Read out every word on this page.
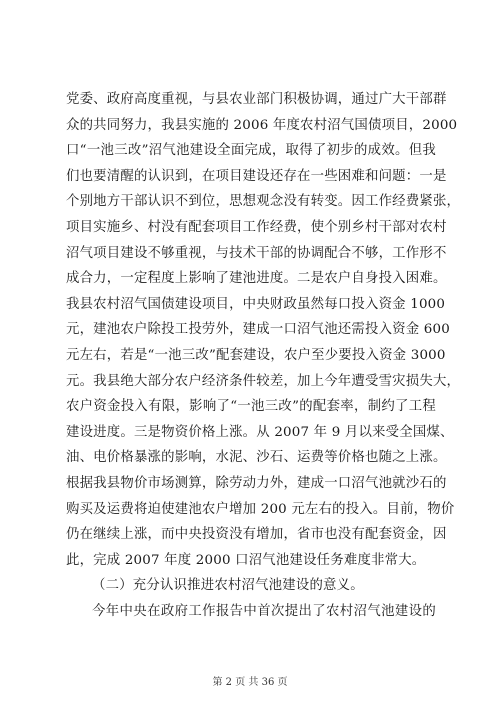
党委、政府高度重视，与县农业部门积极协调，通过广大干部群
众的共同努力，我县实施的 2006 年度农村沼气国债项目，2000
口“一池三改”沼气池建设全面完成，取得了初步的成效。但我
们也要清醒的认识到，在项目建设还存在一些困难和问题：一是
个别地方干部认识不到位，思想观念没有转变。因工作经费紧张，
项目实施乡、村没有配套项目工作经费，使个别乡村干部对农村
沼气项目建设不够重视，与技术干部的协调配合不够，工作形不
成合力，一定程度上影响了建池进度。二是农户自身投入困难。
我县农村沼气国债建设项目，中央财政虽然每口投入资金 1000
元，建池农户除投工投劳外，建成一口沼气池还需投入资金 600
元左右，若是“一池三改”配套建设，农户至少要投入资金 3000
元。我县绝大部分农户经济条件较差，加上今年遭受雪灾损失大，
农户资金投入有限，影响了“一池三改”的配套率，制约了工程
建设进度。三是物资价格上涨。从 2007 年 9 月以来受全国煤、
油、电价格暴涨的影响，水泥、沙石、运费等价格也随之上涨。
根据我县物价市场测算，除劳动力外，建成一口沼气池就沙石的
购买及运费将迫使建池农户增加 200 元左右的投入。目前，物价
仍在继续上涨，而中央投资没有增加，省市也没有配套资金，因
此，完成 2007 年度 2000 口沼气池建设任务难度非常大。
（二）充分认识推进农村沼气池建设的意义。
今年中央在政府工作报告中首次提出了农村沼气池建设的
第 2 页 共 36 页
